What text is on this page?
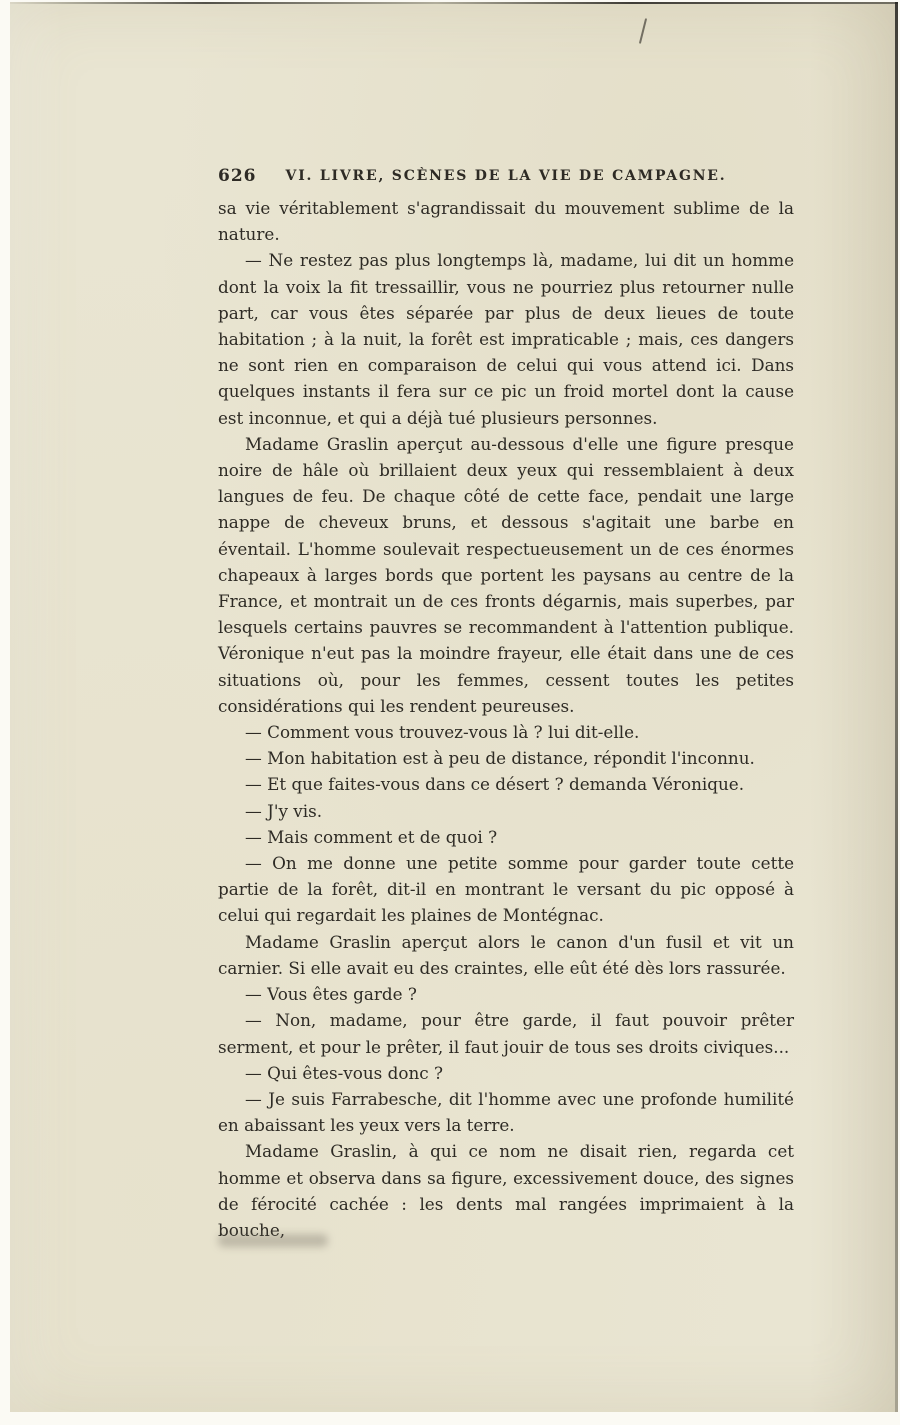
626	VI. LIVRE, SCÈNES DE LA VIE DE CAMPAGNE.

sa vie véritablement s'agrandissait du mouvement sublime de la nature.

— Ne restez pas plus longtemps là, madame, lui dit un homme dont la voix la fit tressaillir, vous ne pourriez plus retourner nulle part, car vous êtes séparée par plus de deux lieues de toute habitation ; à la nuit, la forêt est impraticable ; mais, ces dangers ne sont rien en comparaison de celui qui vous attend ici. Dans quelques instants il fera sur ce pic un froid mortel dont la cause est inconnue, et qui a déjà tué plusieurs personnes.

Madame Graslin aperçut au-dessous d'elle une figure presque noire de hâle où brillaient deux yeux qui ressemblaient à deux langues de feu. De chaque côté de cette face, pendait une large nappe de cheveux bruns, et dessous s'agitait une barbe en éventail. L'homme soulevait respectueusement un de ces énormes chapeaux à larges bords que portent les paysans au centre de la France, et montrait un de ces fronts dégarnis, mais superbes, par lesquels certains pauvres se recommandent à l'attention publique. Véronique n'eut pas la moindre frayeur, elle était dans une de ces situations où, pour les femmes, cessent toutes les petites considérations qui les rendent peureuses.

— Comment vous trouvez-vous là ? lui dit-elle.

— Mon habitation est à peu de distance, répondit l'inconnu.

— Et que faites-vous dans ce désert ? demanda Véronique.

— J'y vis.

— Mais comment et de quoi ?

— On me donne une petite somme pour garder toute cette partie de la forêt, dit-il en montrant le versant du pic opposé à celui qui regardait les plaines de Montégnac.

Madame Graslin aperçut alors le canon d'un fusil et vit un carnier. Si elle avait eu des craintes, elle eût été dès lors rassurée.

— Vous êtes garde ?

— Non, madame, pour être garde, il faut pouvoir prêter serment, et pour le prêter, il faut jouir de tous ses droits civiques...

— Qui êtes-vous donc ?

— Je suis Farrabesche, dit l'homme avec une profonde humilité en abaissant les yeux vers la terre.

Madame Graslin, à qui ce nom ne disait rien, regarda cet homme et observa dans sa figure, excessivement douce, des signes de férocité cachée : les dents mal rangées imprimaient à la bouche,
